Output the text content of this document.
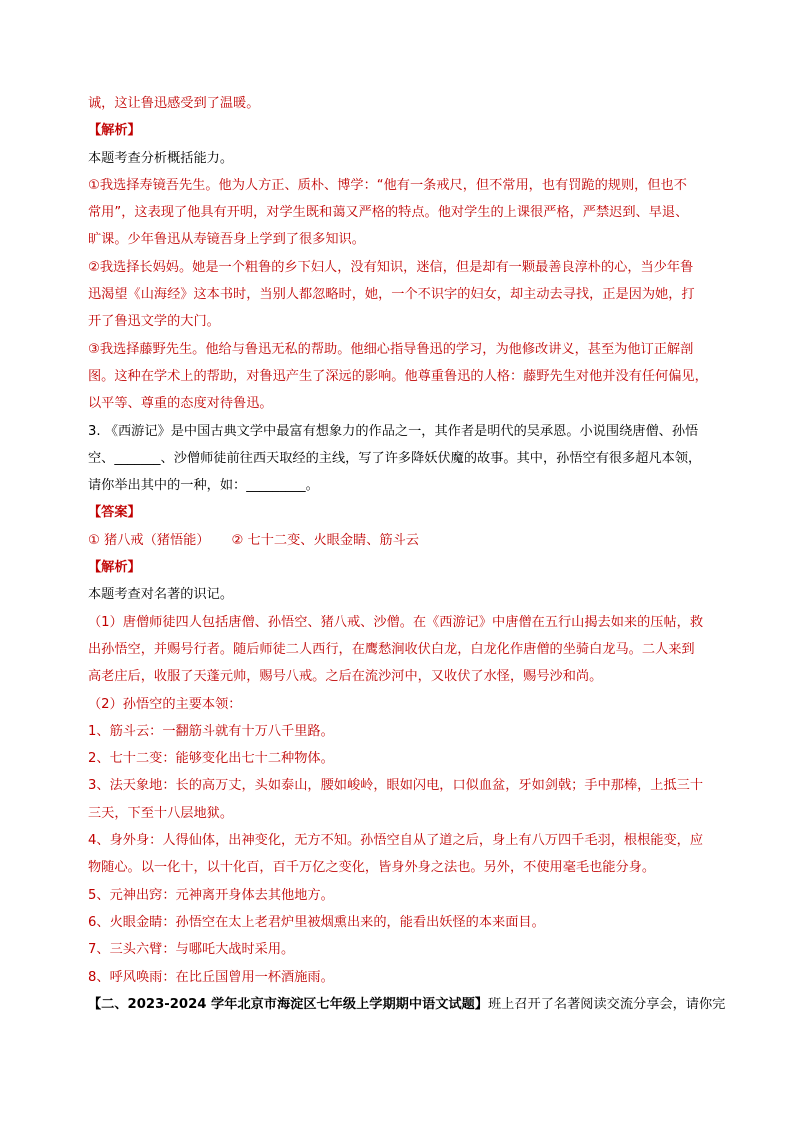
诚，这让鲁迅感受到了温暖。
【解析】
本题考查分析概括能力。
①我选择寿镜吾先生。他为人方正、质朴、博学：“他有一条戒尺，但不常用，也有罚跪的规则，但也不
常用”，这表现了他具有开明，对学生既和蔼又严格的特点。他对学生的上课很严格，严禁迟到、早退、
旷课。少年鲁迅从寿镜吾身上学到了很多知识。
②我选择长妈妈。她是一个粗鲁的乡下妇人，没有知识，迷信，但是却有一颗最善良淳朴的心，当少年鲁
迅渴望《山海经》这本书时，当别人都忽略时，她，一个不识字的妇女，却主动去寻找，正是因为她，打
开了鲁迅文学的大门。
③我选择藤野先生。他给与鲁迅无私的帮助。他细心指导鲁迅的学习，为他修改讲义，甚至为他订正解剖
图。这种在学术上的帮助，对鲁迅产生了深远的影响。他尊重鲁迅的人格：藤野先生对他并没有任何偏见，
以平等、尊重的态度对待鲁迅。
3. 《西游记》是中国古典文学中最富有想象力的作品之一，其作者是明代的吴承恩。小说围绕唐僧、孙悟
空、_______、沙僧师徒前往西天取经的主线，写了许多降妖伏魔的故事。其中，孙悟空有很多超凡本领，
请你举出其中的一种，如：_________。
【答案】
① 猪八戒（猪悟能） ② 七十二变、火眼金睛、筋斗云
【解析】
本题考查对名著的识记。
（1）唐僧师徒四人包括唐僧、孙悟空、猪八戒、沙僧。在《西游记》中唐僧在五行山揭去如来的压帖，救
出孙悟空，并赐号行者。随后师徒二人西行，在鹰愁涧收伏白龙，白龙化作唐僧的坐骑白龙马。二人来到
高老庄后，收服了天蓬元帅，赐号八戒。之后在流沙河中，又收伏了水怪，赐号沙和尚。
（2）孙悟空的主要本领：
1、筋斗云：一翻筋斗就有十万八千里路。
2、七十二变：能够变化出七十二种物体。
3、法天象地：长的高万丈，头如泰山，腰如峻岭，眼如闪电，口似血盆，牙如剑戟；手中那棒，上抵三十
三天，下至十八层地狱。
4、身外身：人得仙体，出神变化，无方不知。孙悟空自从了道之后，身上有八万四千毛羽，根根能变，应
物随心。以一化十，以十化百，百千万亿之变化，皆身外身之法也。另外，不使用毫毛也能分身。
5、元神出窍：元神离开身体去其他地方。
6、火眼金睛：孙悟空在太上老君炉里被烟熏出来的，能看出妖怪的本来面目。
7、三头六臂：与哪吒大战时采用。
8、呼风唤雨：在比丘国曾用一杯酒施雨。
【二、2023-2024 学年北京市海淀区七年级上学期期中语文试题】班上召开了名著阅读交流分享会，请你完
